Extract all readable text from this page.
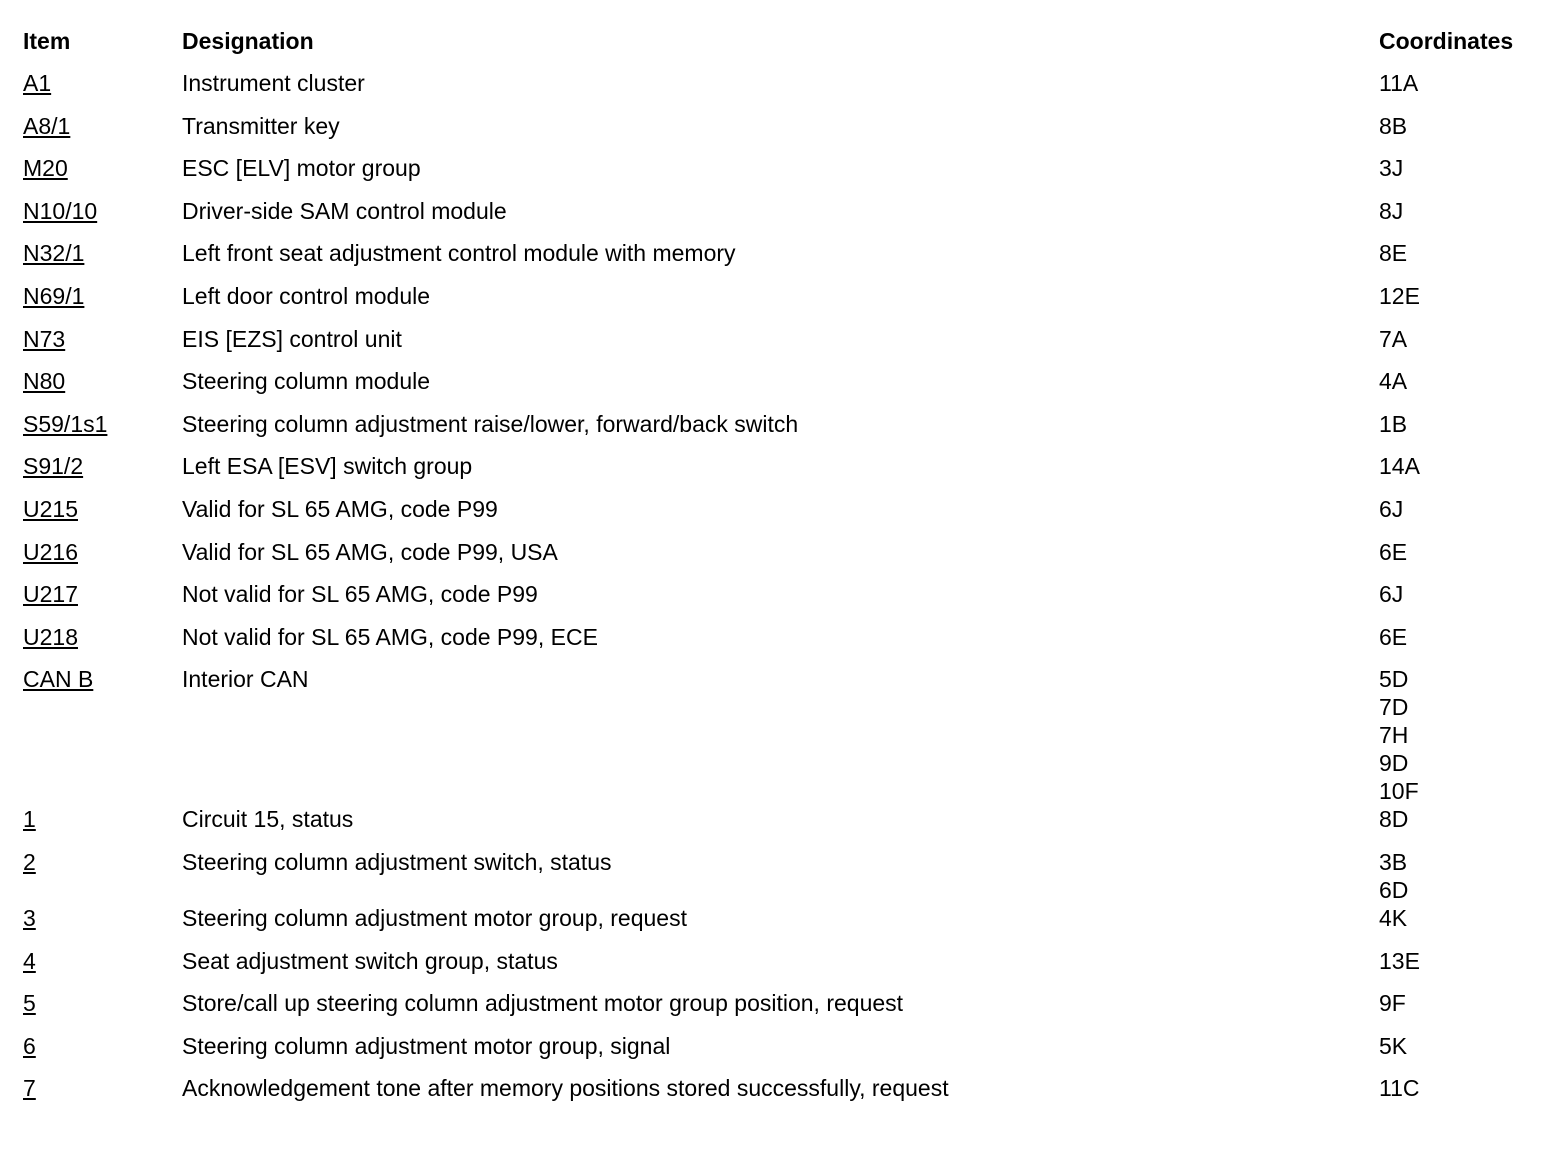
Item	Designation	Coordinates
A1	Instrument cluster	11A
A8/1	Transmitter key	8B
M20	ESC [ELV] motor group	3J
N10/10	Driver-side SAM control module	8J
N32/1	Left front seat adjustment control module with memory	8E
N69/1	Left door control module	12E
N73	EIS [EZS] control unit	7A
N80	Steering column module	4A
S59/1s1	Steering column adjustment raise/lower, forward/back switch	1B
S91/2	Left ESA [ESV] switch group	14A
U215	Valid for SL 65 AMG, code P99	6J
U216	Valid for SL 65 AMG, code P99, USA	6E
U217	Not valid for SL 65 AMG, code P99	6J
U218	Not valid for SL 65 AMG, code P99, ECE	6E
CAN B	Interior CAN	5D
7D
7H
9D
10F
1	Circuit 15, status	8D
2	Steering column adjustment switch, status	3B
6D
3	Steering column adjustment motor group, request	4K
4	Seat adjustment switch group, status	13E
5	Store/call up steering column adjustment motor group position, request	9F
6	Steering column adjustment motor group, signal	5K
7	Acknowledgement tone after memory positions stored successfully, request	11C
